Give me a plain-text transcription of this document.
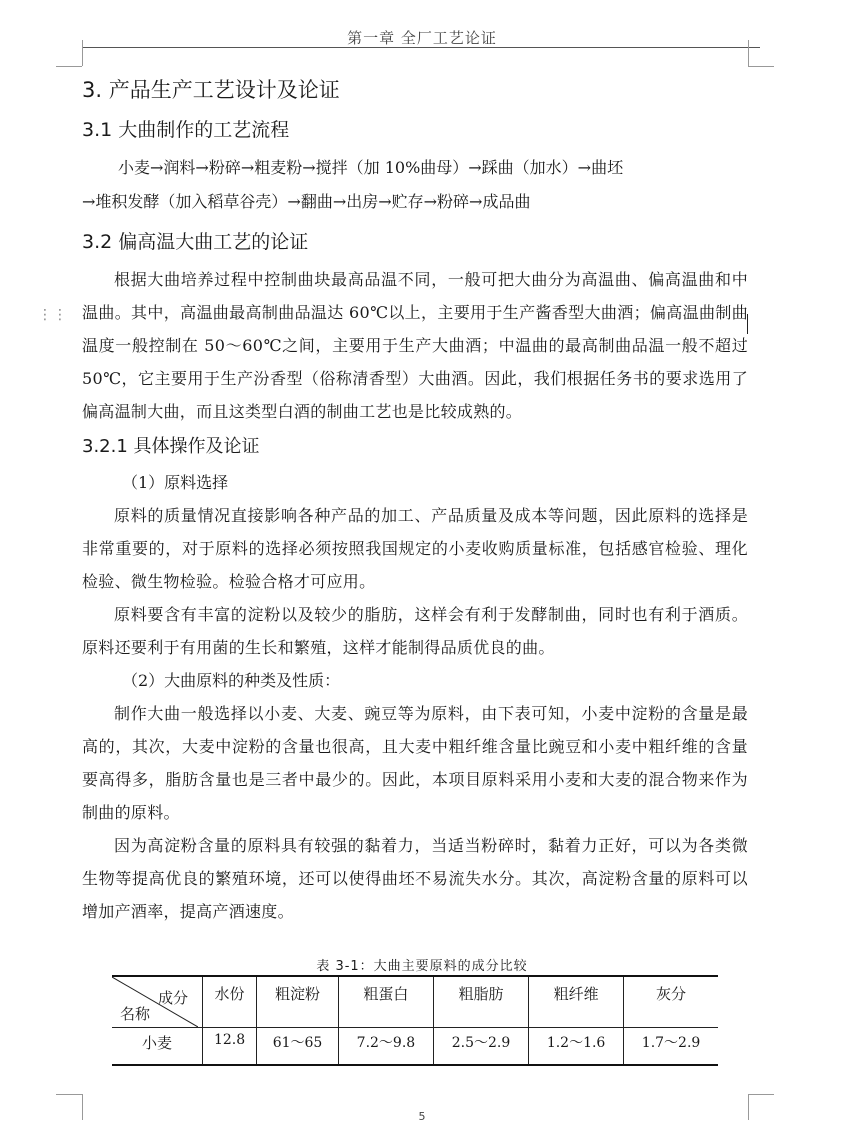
第一章 全厂工艺论证
⋮⋮
3. 产品生产工艺设计及论证
3.1 大曲制作的工艺流程

小麦→润料→粉碎→粗麦粉→搅拌（加 10%曲母）→踩曲（加水）→曲坯

→堆积发酵（加入稻草谷壳）→翻曲→出房→贮存→粉碎→成品曲

3.2 偏高温大曲工艺的论证

根据大曲培养过程中控制曲块最高品温不同，一般可把大曲分为高温曲、偏高温曲和中温曲。其中，高温曲最高制曲品温达 60℃以上，主要用于生产酱香型大曲酒；偏高温曲制曲温度一般控制在 50～60℃之间，主要用于生产大曲酒；中温曲的最高制曲品温一般不超过 50℃，它主要用于生产汾香型（俗称清香型）大曲酒。因此，我们根据任务书的要求选用了偏高温制大曲，而且这类型白酒的制曲工艺也是比较成熟的。

3.2.1 具体操作及论证

（1）原料选择

原料的质量情况直接影响各种产品的加工、产品质量及成本等问题，因此原料的选择是非常重要的，对于原料的选择必须按照我国规定的小麦收购质量标准，包括感官检验、理化检验、微生物检验。检验合格才可应用。

原料要含有丰富的淀粉以及较少的脂肪，这样会有利于发酵制曲，同时也有利于酒质。原料还要利于有用菌的生长和繁殖，这样才能制得品质优良的曲。

（2）大曲原料的种类及性质：

制作大曲一般选择以小麦、大麦、豌豆等为原料，由下表可知，小麦中淀粉的含量是最高的，其次，大麦中淀粉的含量也很高，且大麦中粗纤维含量比豌豆和小麦中粗纤维的含量要高得多，脂肪含量也是三者中最少的。因此，本项目原料采用小麦和大麦的混合物来作为制曲的原料。

因为高淀粉含量的原料具有较强的黏着力，当适当粉碎时，黏着力正好，可以为各类微生物等提高优良的繁殖环境，还可以使得曲坯不易流失水分。其次，高淀粉含量的原料可以增加产酒率，提高产酒速度。

表 3-1：大曲主要原料的成分比较
成分
名称	水份	粗淀粉	粗蛋白	粗脂肪	粗纤维	灰分
小麦	12.8	61～65	7.2～9.8	2.5～2.9	1.2～1.6	1.7～2.9
5
